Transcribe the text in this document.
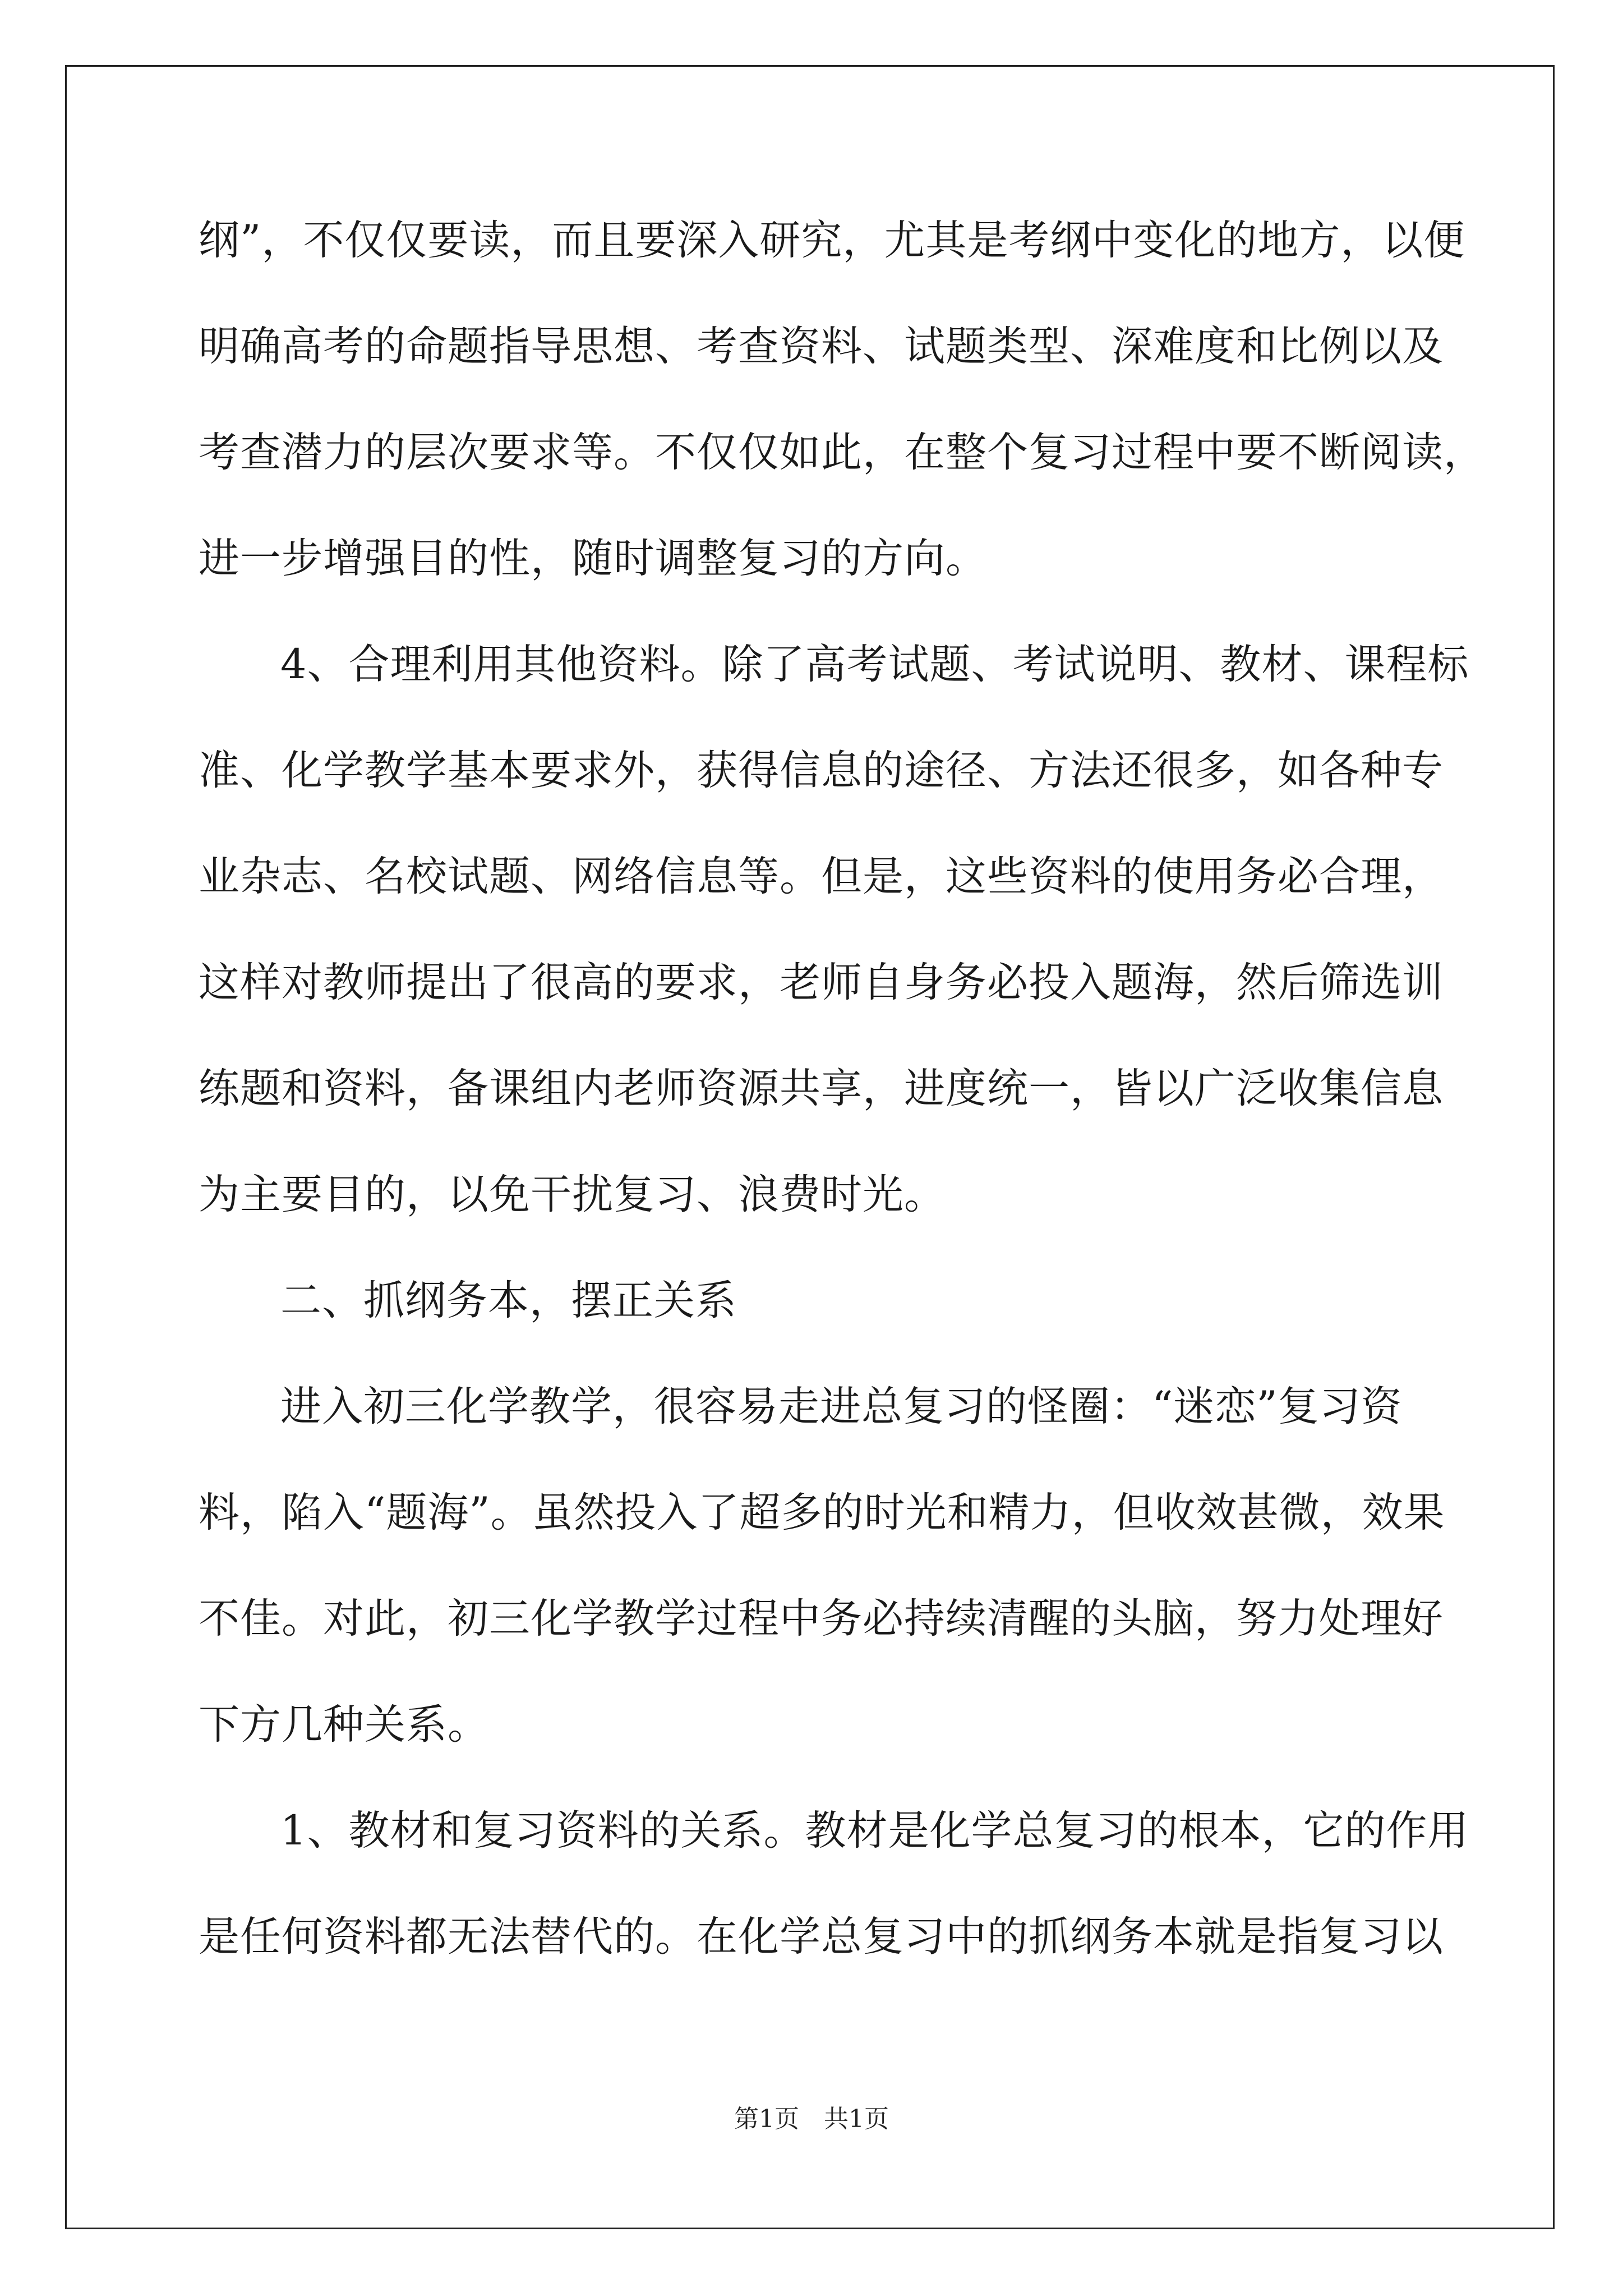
纲”，不仅仅要读，而且要深入研究，尤其是考纲中变化的地方，以便
明确高考的命题指导思想、考查资料、试题类型、深难度和比例以及
考查潜力的层次要求等。不仅仅如此，在整个复习过程中要不断阅读，
进一步增强目的性，随时调整复习的方向。
4、合理利用其他资料。除了高考试题、考试说明、教材、课程标
准、化学教学基本要求外，获得信息的途径、方法还很多，如各种专
业杂志、名校试题、网络信息等。但是，这些资料的使用务必合理，
这样对教师提出了很高的要求，老师自身务必投入题海，然后筛选训
练题和资料，备课组内老师资源共享，进度统一，皆以广泛收集信息
为主要目的，以免干扰复习、浪费时光。
二、抓纲务本，摆正关系
进入初三化学教学，很容易走进总复习的怪圈：“迷恋”复习资
料，陷入“题海”。虽然投入了超多的时光和精力，但收效甚微，效果
不佳。对此，初三化学教学过程中务必持续清醒的头脑，努力处理好
下方几种关系。
1、教材和复习资料的关系。教材是化学总复习的根本，它的作用
是任何资料都无法替代的。在化学总复习中的抓纲务本就是指复习以
第1页　共1页
